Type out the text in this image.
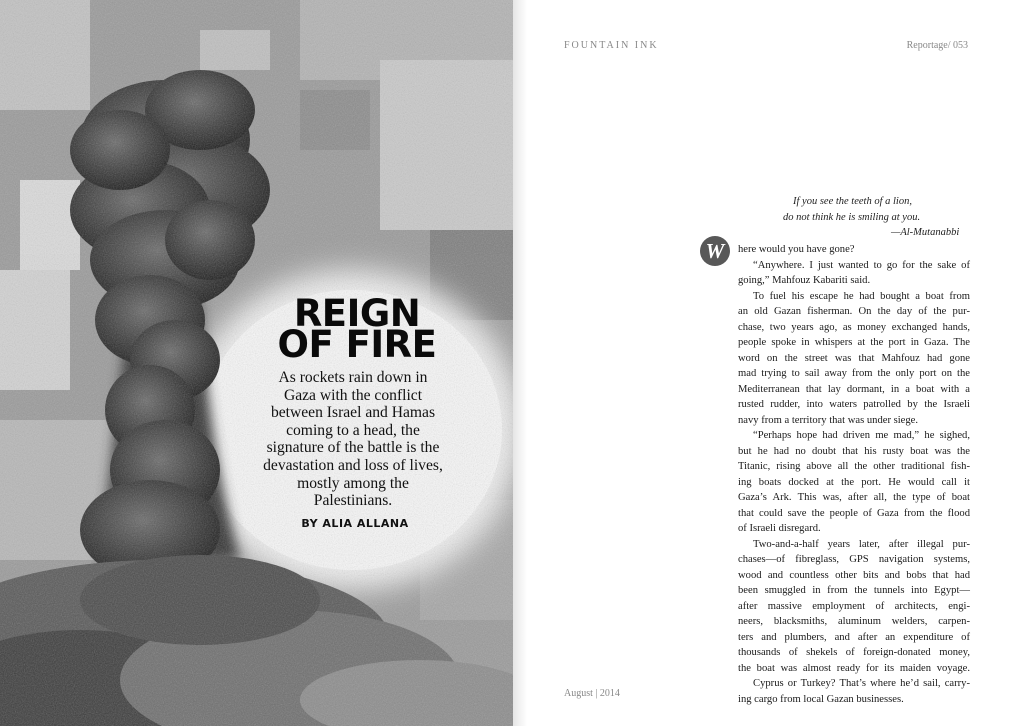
REIGN
OF FIRE
As rockets rain down in
Gaza with the conflict
between Israel and Hamas
coming to a head, the
signature of the battle is the
devastation and loss of lives,
mostly among the
Palestinians.
BY ALIA ALLANA
FOUNTAIN INK	Reportage/ 053
If you see the teeth of a lion,
do not think he is smiling at you.
—Al-Mutanabbi
W	here would you have gone?
“Anywhere. I just wanted to go for the sake of
going,” Mahfouz Kabariti said.
To fuel his escape he had bought a boat from
an old Gazan fisherman. On the day of the pur-
chase, two years ago, as money exchanged hands,
people spoke in whispers at the port in Gaza. The
word on the street was that Mahfouz had gone
mad trying to sail away from the only port on the
Mediterranean that lay dormant, in a boat with a
rusted rudder, into waters patrolled by the Israeli
navy from a territory that was under siege.
“Perhaps hope had driven me mad,” he sighed,
but he had no doubt that his rusty boat was the
Titanic, rising above all the other traditional fish-
ing boats docked at the port. He would call it
Gaza’s Ark. This was, after all, the type of boat
that could save the people of Gaza from the flood
of Israeli disregard.
Two-and-a-half years later, after illegal pur-
chases—of fibreglass, GPS navigation systems,
wood and countless other bits and bobs that had
been smuggled in from the tunnels into Egypt—
after massive employment of architects, engi-
neers, blacksmiths, aluminum welders, carpen-
ters and plumbers, and after an expenditure of
thousands of shekels of foreign-donated money,
the boat was almost ready for its maiden voyage.
Cyprus or Turkey? That’s where he’d sail, carry-
ing cargo from local Gazan businesses.
August | 2014
